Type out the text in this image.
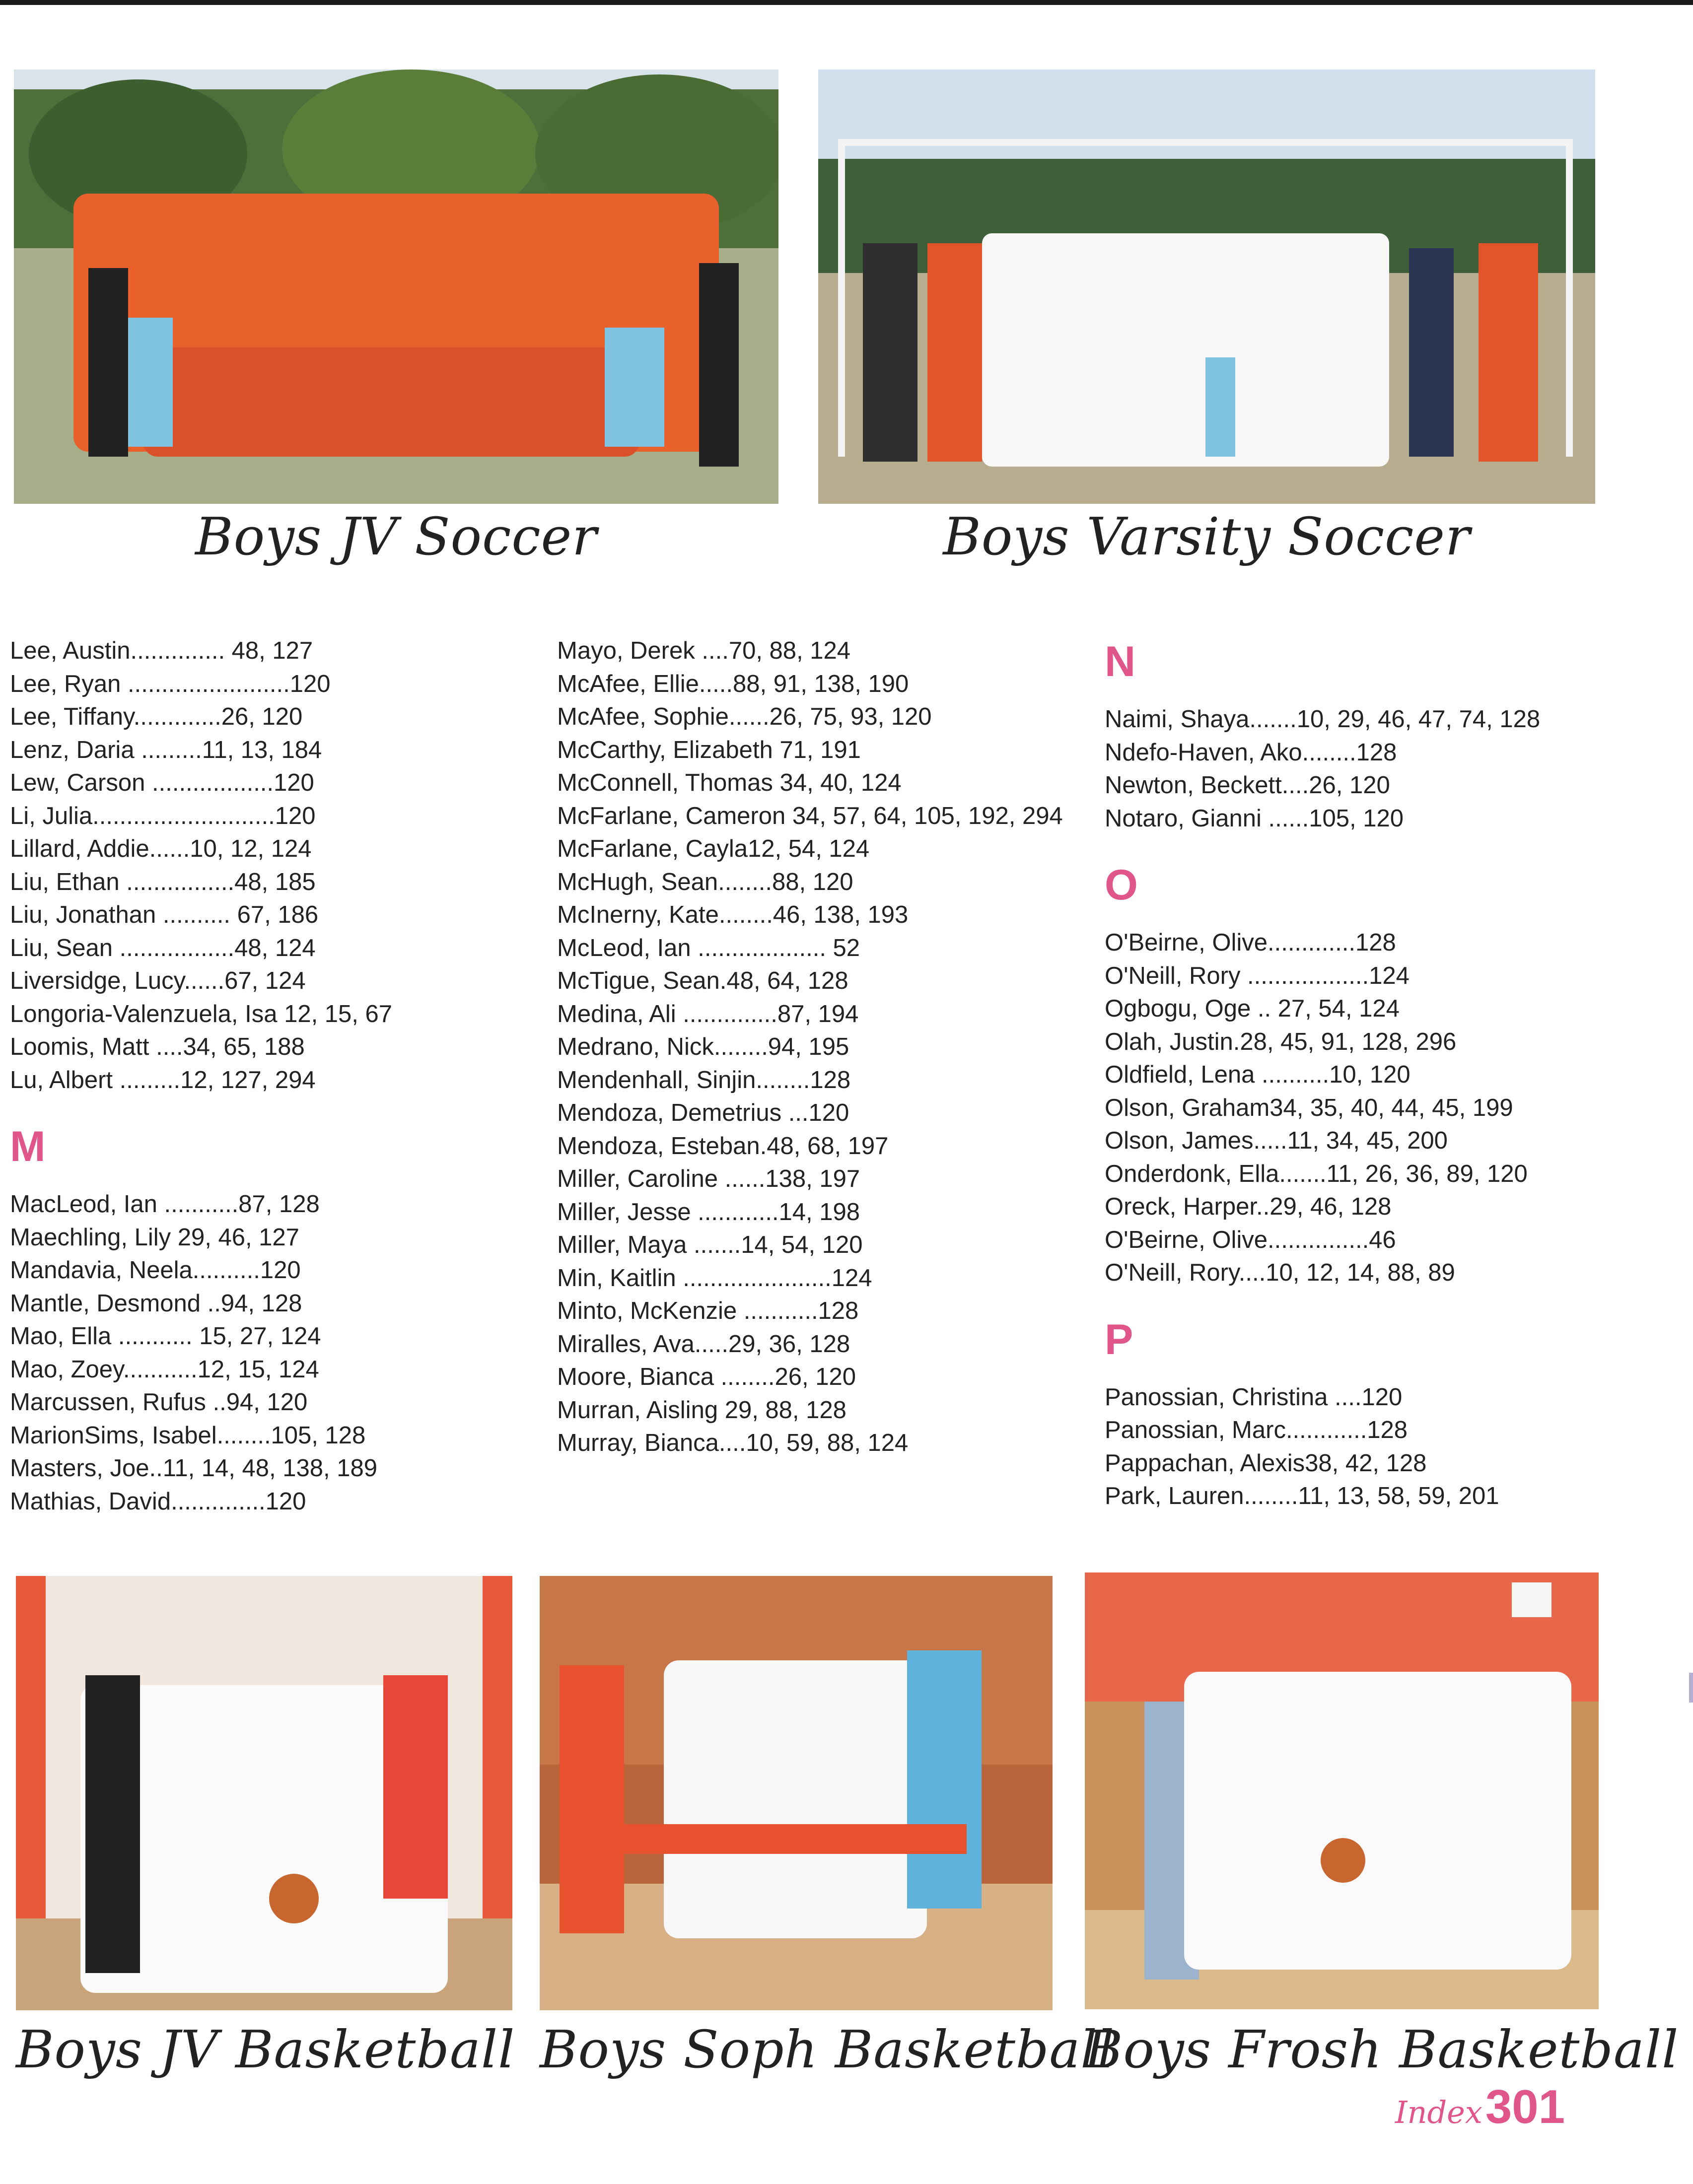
Boys JV Soccer	Boys Varsity Soccer
Lee, Austin.............. 48, 127
Lee, Ryan ........................120
Lee, Tiffany.............26, 120
Lenz, Daria .........11, 13, 184
Lew, Carson ..................120
Li, Julia...........................120
Lillard, Addie......10, 12, 124
Liu, Ethan ................48, 185
Liu, Jonathan .......... 67, 186
Liu, Sean .................48, 124
Liversidge, Lucy......67, 124
Longoria-Valenzuela, Isa 12, 15, 67
Loomis, Matt ....34, 65, 188
Lu, Albert .........12, 127, 294
M
MacLeod, Ian ...........87, 128
Maechling, Lily 29, 46, 127
Mandavia, Neela..........120
Mantle, Desmond ..94, 128
Mao, Ella ........... 15, 27, 124
Mao, Zoey...........12, 15, 124
Marcussen, Rufus ..94, 120
MarionSims, Isabel........105, 128
Masters, Joe..11, 14, 48, 138, 189
Mathias, David..............120
Mayo, Derek ....70, 88, 124
McAfee, Ellie.....88, 91, 138, 190
McAfee, Sophie......26, 75, 93, 120
McCarthy, Elizabeth 71, 191
McConnell, Thomas 34, 40, 124
McFarlane, Cameron 34, 57, 64, 105, 192, 294
McFarlane, Cayla12, 54, 124
McHugh, Sean........88, 120
McInerny, Kate........46, 138, 193
McLeod, Ian ................... 52
McTigue, Sean.48, 64, 128
Medina, Ali ..............87, 194
Medrano, Nick........94, 195
Mendenhall, Sinjin........128
Mendoza, Demetrius ...120
Mendoza, Esteban.48, 68, 197
Miller, Caroline ......138, 197
Miller, Jesse ............14, 198
Miller, Maya .......14, 54, 120
Min, Kaitlin ......................124
Minto, McKenzie ...........128
Miralles, Ava.....29, 36, 128
Moore, Bianca ........26, 120
Murran, Aisling 29, 88, 128
Murray, Bianca....10, 59, 88, 124
N
Naimi, Shaya.......10, 29, 46, 47, 74, 128
Ndefo-Haven, Ako........128
Newton, Beckett....26, 120
Notaro, Gianni ......105, 120
O
O'Beirne, Olive.............128
O'Neill, Rory ..................124
Ogbogu, Oge .. 27, 54, 124
Olah, Justin.28, 45, 91, 128, 296
Oldfield, Lena ..........10, 120
Olson, Graham34, 35, 40, 44, 45, 199
Olson, James.....11, 34, 45, 200
Onderdonk, Ella.......11, 26, 36, 89, 120
Oreck, Harper..29, 46, 128
O'Beirne, Olive...............46
O'Neill, Rory....10, 12, 14, 88, 89
P
Panossian, Christina ....120
Panossian, Marc............128
Pappachan, Alexis38, 42, 128
Park, Lauren........11, 13, 58, 59, 201
Boys JV Basketball Boys Soph Basketball
Boys Frosh Basketball
Index301
